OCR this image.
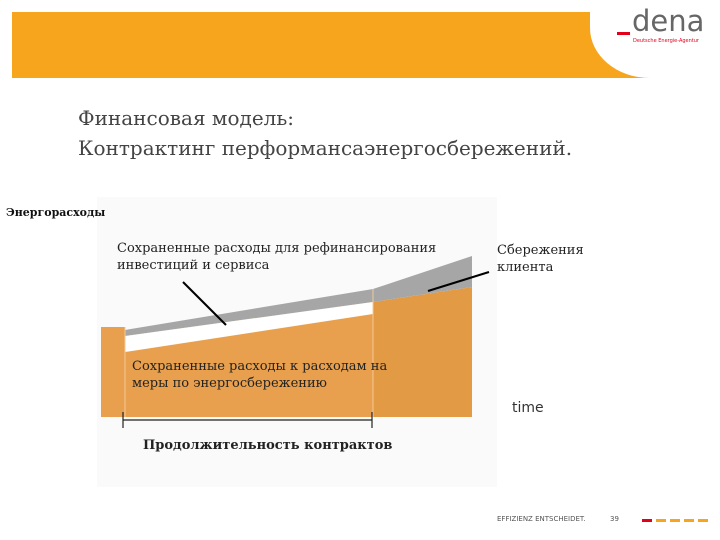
dena
Deutsche Energie-Agentur
Финансовая модель:
Контрактинг перформансаэнергосбережений.
Энергорасходы
Сохраненные расходы для рефинансирования инвестиций и сервиса
Сбережения клиента
Сохраненные расходы к расходам на меры по энергосбережению
time
Продолжительность контрактов
EFFIZIENZ ENTSCHEIDET.	39
